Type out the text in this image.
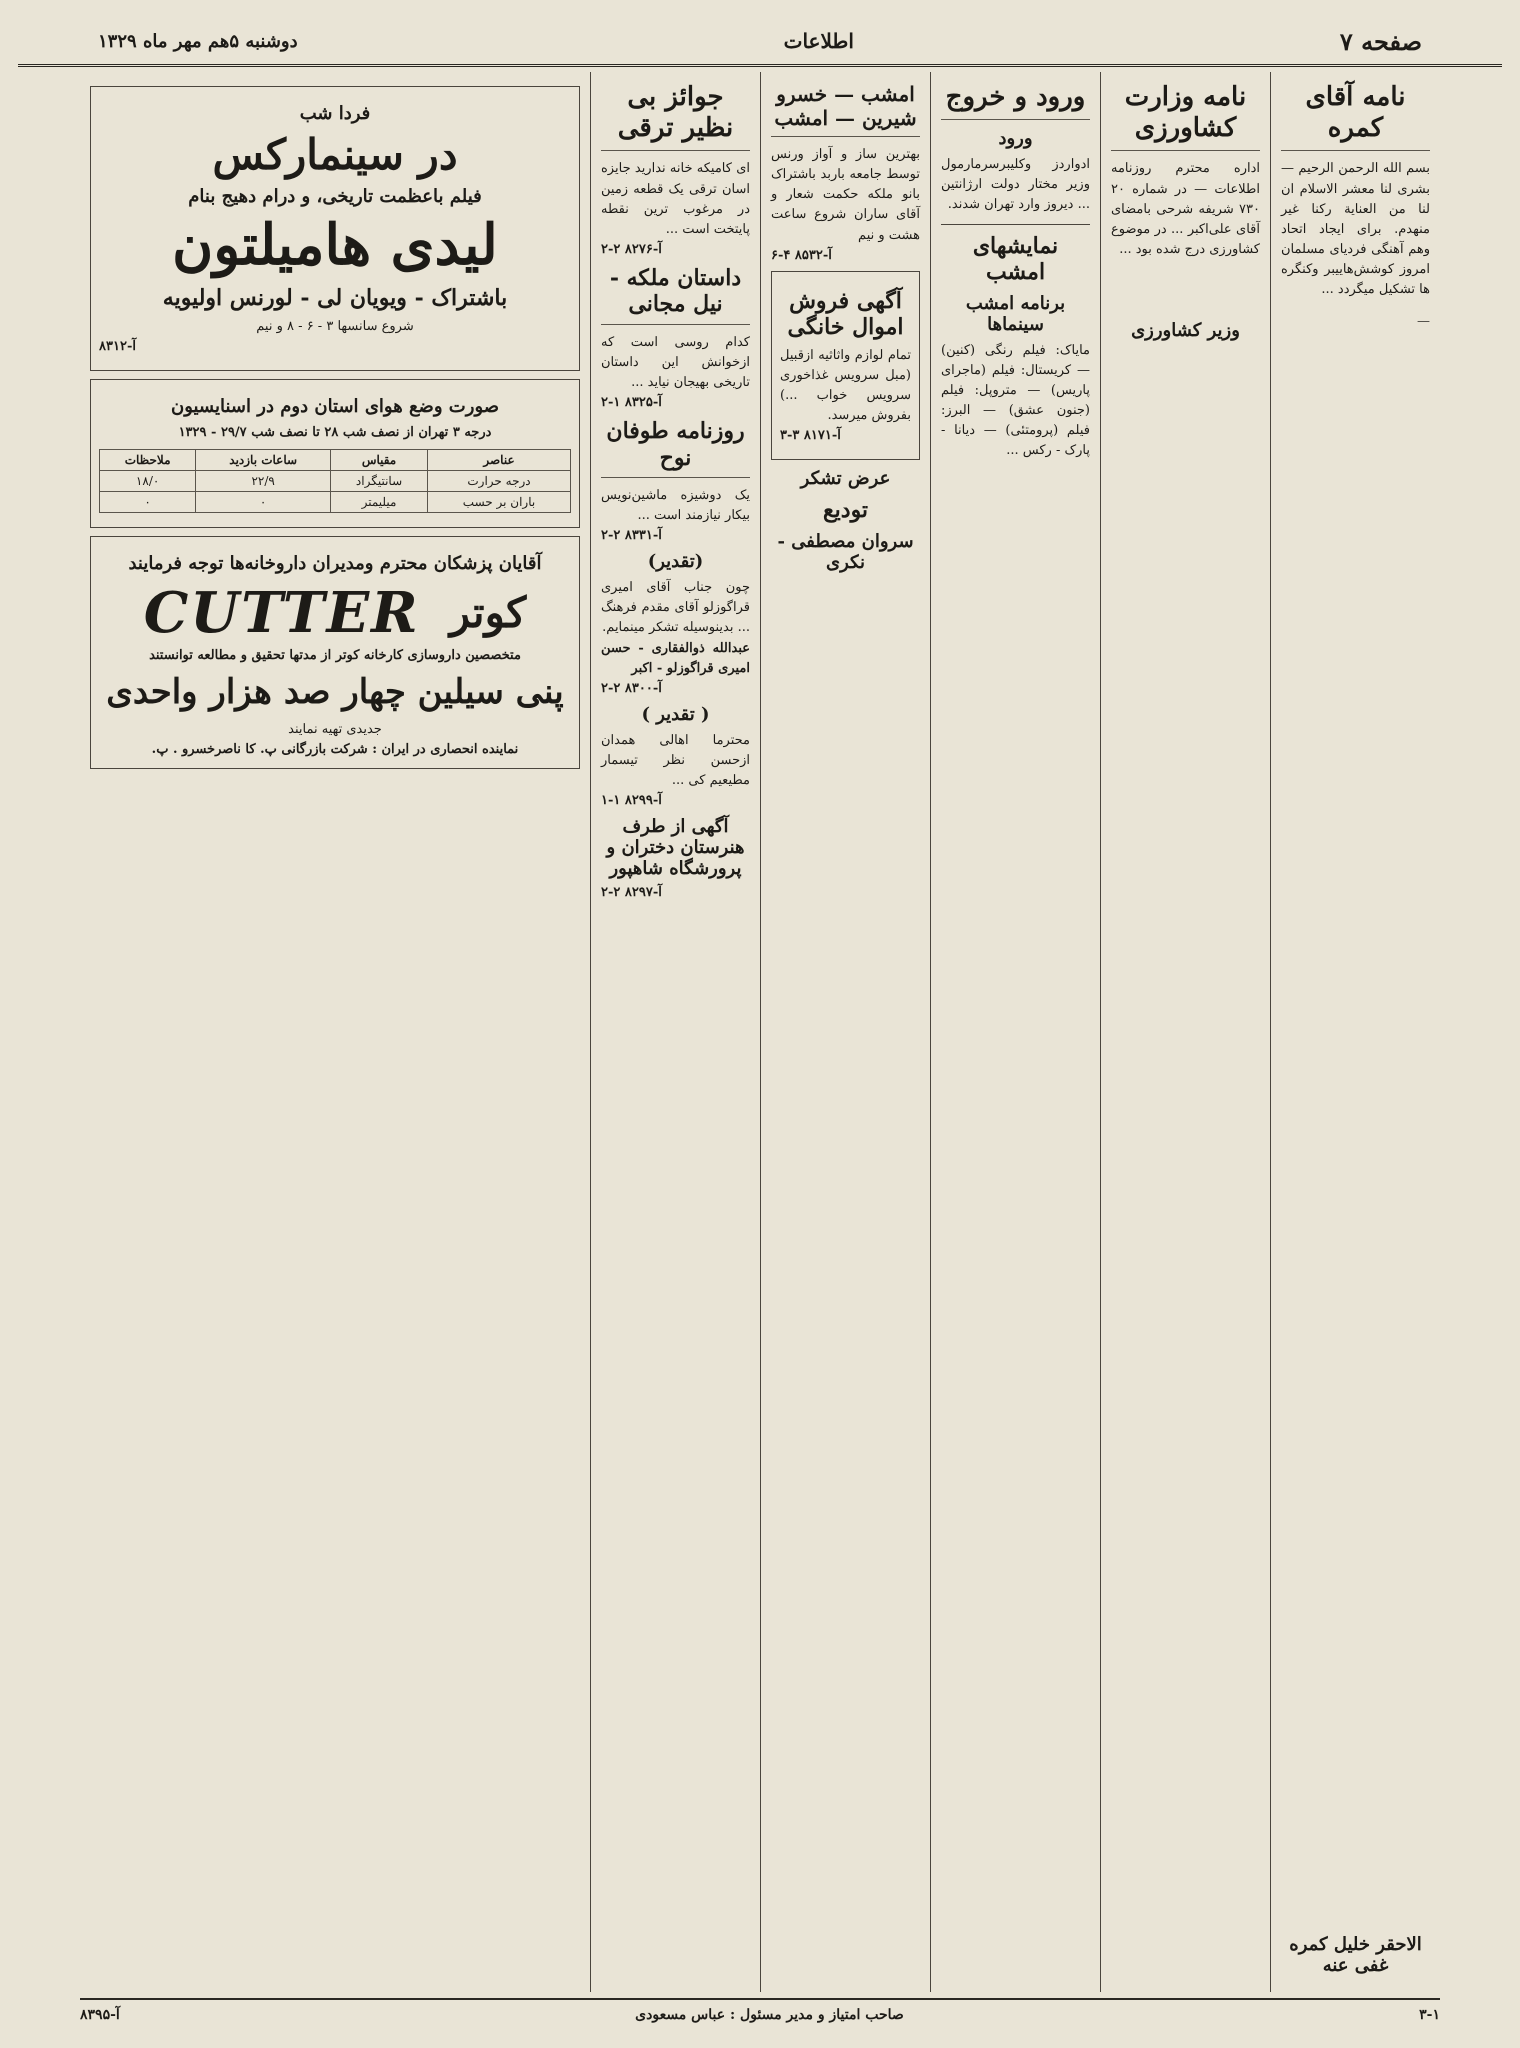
صفحه ۷
اطلاعات
دوشنبه ۵هم مهر ماه ۱۳۲۹
نامه آقای کمره
بسم الله الرحمن الرحیم — بشری لنا معشر الاسلام ان لنا من العنایة رکنا غیر منهدم. برای ایجاد اتحاد وهم آهنگی فردیای مسلمان امروز کوشش‌هاییبر وکنگره ها تشکیل میگردد ...
—
الاحقر خلیل کمره غفی عنه
نامه وزارت کشاورزی
اداره محترم روزنامه اطلاعات — در شماره ۲۰ ۷۳۰ شریفه شرحی بامضای آقای علی‌اکبر ... در موضوع کشاورزی درج شده بود ...
وزیر کشاورزی
ورود و خروج
ورود
ادواردز وکلیبرسرمارمول وزیر مختار دولت ارژانتین ... دیروز وارد تهران شدند.
نمایشهای امشب
برنامه امشب سینماها
مایاک: فیلم رنگی (کنین) — کریستال: فیلم (ماجرای پاریس) — متروپل: فیلم (جنون عشق) — البرز: فیلم (پرومتئی) — دیانا - پارک - رکس ...
امشب — خسرو شیرین — امشب
بهترین ساز و آواز ورنس توسط جامعه باربد باشتراک بانو ملکه حکمت شعار و آقای ساران شروع ساعت هشت و نیم
آ-۸۵۳۲ ۴-۶
آگهی فروش اموال خانگی
تمام لوازم واثاثیه ازقبیل (مبل سرویس غذاخوری سرویس خواب ...) بفروش میرسد.
آ-۸۱۷۱ ۳-۳
عرض تشکر
تودیع
سروان مصطفی - نکری
جوائز بی نظیر ترقی
ای کامیکه خانه ندارید جایزه اسان ترقی یک قطعه زمین در مرغوب ترین نقطه پایتخت است ...
آ-۸۲۷۶ ۲-۲
داستان ملکه - نیل مجانی
کدام روسی است که ازخوانش این داستان تاریخی بهیجان نیاید ...
آ-۸۳۲۵ ۱-۲
روزنامه طوفان نوح
یک دوشیزه ماشین‌نویس بیکار نیازمند است ...
آ-۸۳۳۱ ۲-۲
(تقدیر)
چون جناب آقای امیری قراگوزلو آقای مقدم فرهنگ ... بدینوسیله تشکر مینمایم.
عبدالله ذوالفقاری - حسن امیری قراگوزلو - اکبر
آ-۸۳۰۰ ۲-۲
( تقدیر )
محترما اهالی همدان ازحسن نظر تیسمار مطیعیم کی ...
آ-۸۲۹۹ ۱-۱
آگهی از طرف هنرستان دختران و پرورشگاه شاهپور
آ-۸۲۹۷ ۲-۲
فردا شب
در سینمارکس
فیلم باعظمت تاریخی، و درام دهیج بنام
لیدی هامیلتون
باشتراک - ویویان لی - لورنس اولیویه
شروع سانسها ۳ - ۶ - ۸ و نیم
آ-۸۳۱۲
صورت وضع هوای استان دوم در اسنایسیون
درجه ۳ تهران از نصف شب ۲۸ تا نصف شب ۲۹/۷ - ۱۳۲۹
عناصر	مقیاس	ساعات بازدید	ملاحظات
درجه حرارت	سانتیگراد	۲۲/۹	۱۸/۰
باران بر حسب	میلیمتر	۰	۰
آقایان پزشکان محترم ومدیران داروخانه‌ها توجه فرمایند
کوتر
CUTTER
متخصصین داروسازی کارخانه کوتر از مدتها تحقیق و مطالعه توانستند
پنی سیلین چهار صد هزار واحدی
جدیدی تهیه نمایند
نماینده انحصاری در ایران : شرکت بازرگانی پ. کا ناصرخسرو . پ.
۳-۱
صاحب امتیاز و مدیر مسئول : عباس مسعودی
آ-۸۳۹۵
